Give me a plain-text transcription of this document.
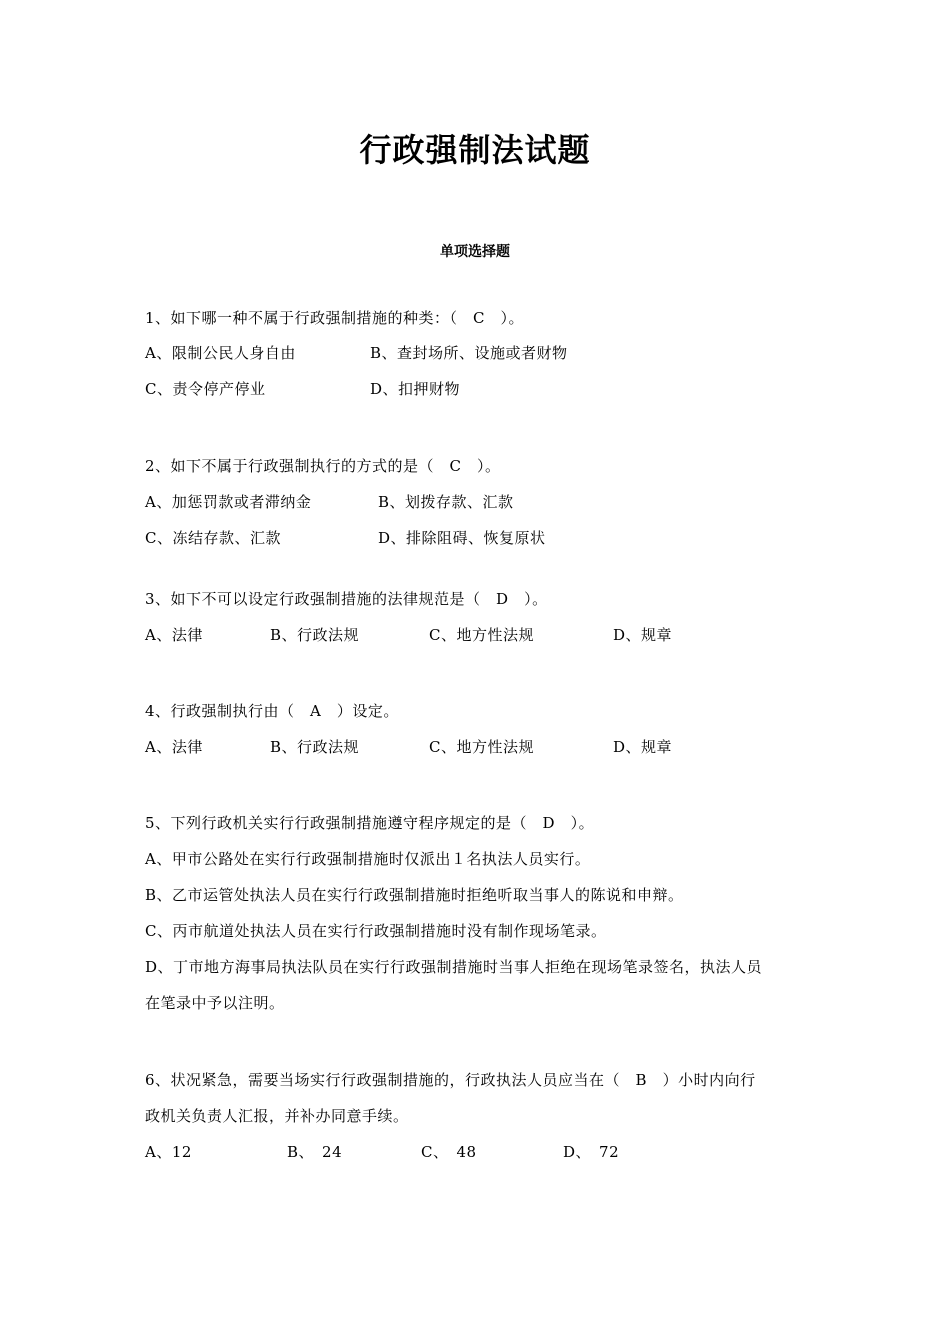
行政强制法试题
单项选择题
1、如下哪一种不属于行政强制措施的种类：（　C　）。
A、限制公民人身自由	B、查封场所、设施或者财物
C、责令停产停业	D、扣押财物
2、如下不属于行政强制执行的方式的是（　C　）。
A、加惩罚款或者滞纳金	B、划拨存款、汇款
C、冻结存款、汇款	D、排除阻碍、恢复原状
3、如下不可以设定行政强制措施的法律规范是（　D　）。
A、法律	B、行政法规	C、地方性法规	D、规章
4、行政强制执行由（　A　）设定。
A、法律	B、行政法规	C、地方性法规	D、规章
5、下列行政机关实行行政强制措施遵守程序规定的是（　D　）。
A、甲市公路处在实行行政强制措施时仅派出１名执法人员实行。
B、乙市运管处执法人员在实行行政强制措施时拒绝听取当事人的陈说和申辩。
C、丙市航道处执法人员在实行行政强制措施时没有制作现场笔录。
D、丁市地方海事局执法队员在实行行政强制措施时当事人拒绝在现场笔录签名，执法人员
在笔录中予以注明。
6、状况紧急，需要当场实行行政强制措施的，行政执法人员应当在（　B　）小时内向行
政机关负责人汇报，并补办同意手续。
A、12	B、　24	C、　48	D、　72
